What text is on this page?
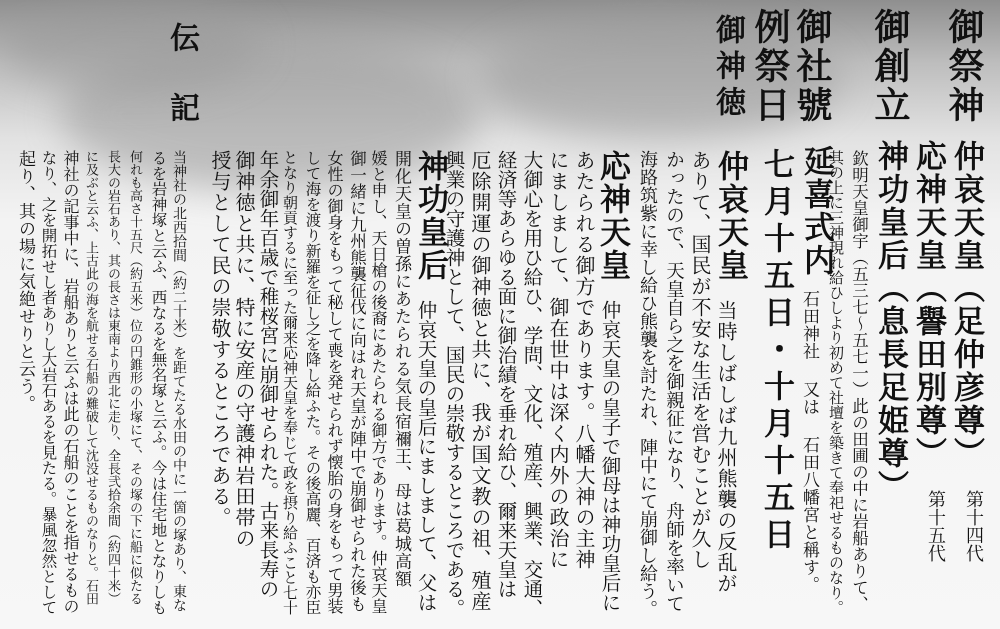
御祭神
仲哀天皇（足仲彦尊）
第十四代
応神天皇（譽田別尊）
第十五代
神功皇后（息長足姫尊）
御創立
欽明天皇御宇（五三七〜五七一）此の田圃の中に岩船ありて、
其の上に三神現れ給ひしより初めて社壇を築きて奉祀せるものなり。
御社號
延喜式内
石田神社 又は 石田八幡宮と稱す。
例祭日
七月十五日・十月十五日
御神徳
仲哀天皇
当時しばしば九州熊襲の反乱が
ありて、国民が不安な生活を営むことが久し
かったので、天皇自ら之を御親征になり、舟師を率いて
海路筑紫に幸し給ひ熊襲を討たれ、陣中にて崩御し給う。
応神天皇
仲哀天皇の皇子で御母は神功皇后に
あたられる御方であります。八幡大神の主神
にましまして、御在世中は深く内外の政治に
大御心を用ひ給ひ、学問、文化、殖産、興業、交通、
経済等あらゆる面に御治績を垂れ給ひ、爾来天皇は
厄除開運の御神徳と共に、我が国文教の祖、殖産
興業の守護神として、国民の崇敬するところである。
神功皇后
仲哀天皇の皇后にましまして、父は
開化天皇の曽孫にあたられる気長宿禰王、母は葛城高額
媛と申し、天日槍の後裔にあたられる御方であります。仲哀天皇
御一緒に九州熊襲征伐に向はれ天皇が陣中で崩御せられた後も
女性の御身をもって秘して喪を発せられず懐胎の身をもって男装
して海を渡り新羅を征し之を降し給ふた。その後高麗、百済も亦臣
となり朝貢するに至った爾来応神天皇を奉じて政を摂り給ふこと七十
年余御年百歳で稚桜宮に崩御せられた。古来長寿の
御神徳と共に、特に安産の守護神岩田帯の
授与として民の崇敬するところである。
伝記
当神社の北西拾間（約二十米）を距てたる水田の中に一箇の塚あり、東な
るを岩神塚と云ふ、西なるを無名塚と云ふ。今は住宅地となりしも
何れも高さ十五尺（約五米）位の円錐形の小塚にて、その塚の下に船に似たる
長大の岩石あり、其の長さは東南より西北に走り、全長弐拾余間（約四十米）
に及ぶと云ふ、上古此の海を航せる石船の難破して沈没せるものなりと。石田
神社の記事中に、岩船ありと云ふは此の石船のことを指せるもの
なり、之を開拓せし者ありし大岩石あるを見たる。暴風忽然として
起り、其の場に気絶せりと云う。
